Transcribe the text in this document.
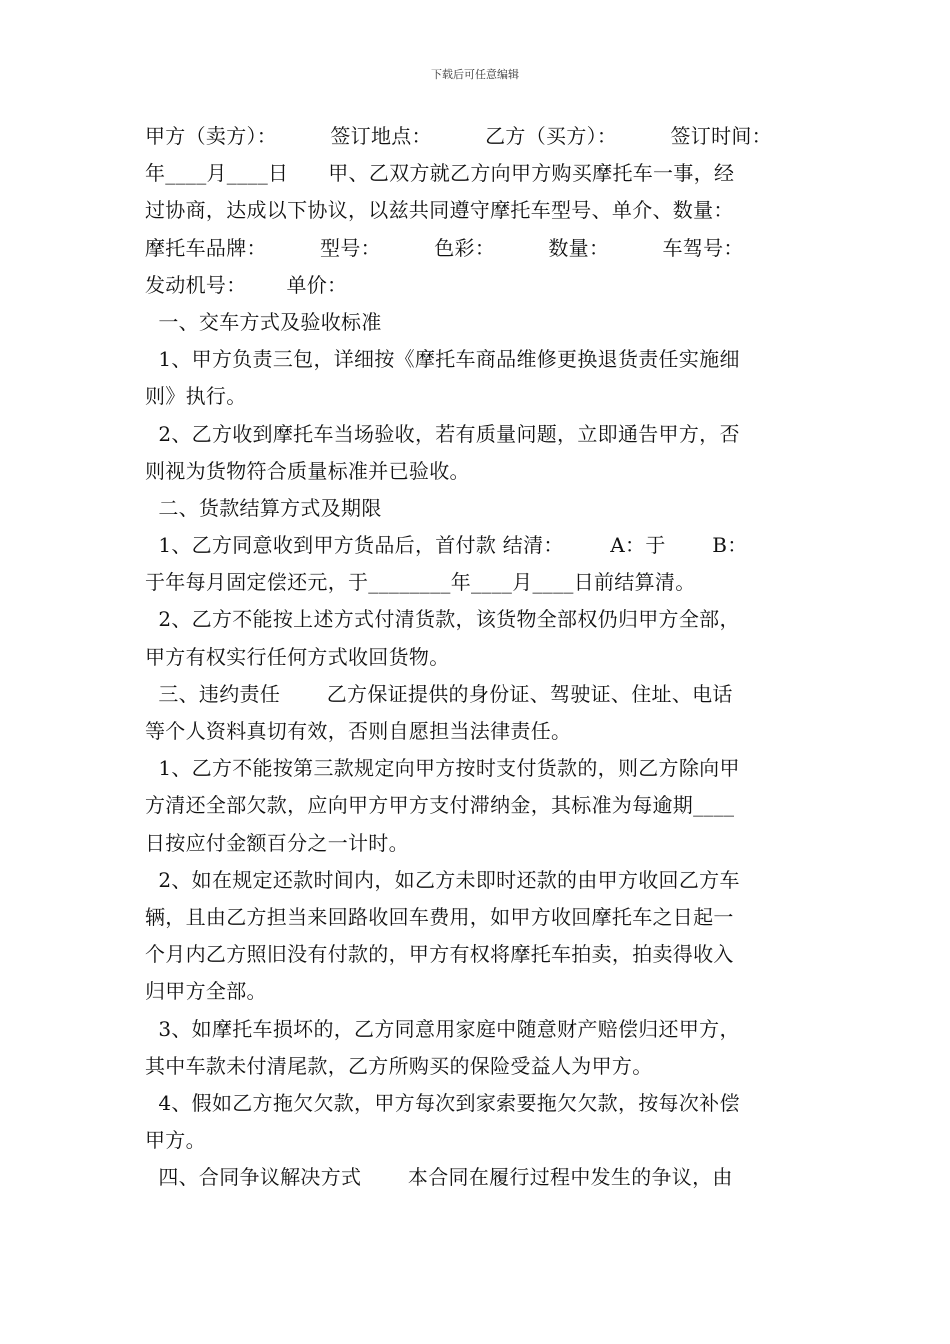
下载后可任意编辑
甲方（卖方）：        签订地点：        乙方（买方）：        签订时间：
年____月____日      甲、乙双方就乙方向甲方购买摩托车一事，经
过协商，达成以下协议，以兹共同遵守摩托车型号、单介、数量：
摩托车品牌：        型号：        色彩：        数量：        车驾号：
发动机号：      单价：
一、交车方式及验收标准
1、甲方负责三包，详细按《摩托车商品维修更换退货责任实施细
则》执行。
2、乙方收到摩托车当场验收，若有质量问题，立即通告甲方，否
则视为货物符合质量标准并已验收。
二、货款结算方式及期限
1、乙方同意收到甲方货品后，首付款 结清：       A：于       B：
于年每月固定偿还元，于________年____月____日前结算清。
2、乙方不能按上述方式付清货款，该货物全部权仍归甲方全部，
甲方有权实行任何方式收回货物。
三、违约责任       乙方保证提供的身份证、驾驶证、住址、电话
等个人资料真切有效，否则自愿担当法律责任。
1、乙方不能按第三款规定向甲方按时支付货款的，则乙方除向甲
方清还全部欠款，应向甲方甲方支付滞纳金，其标准为每逾期____
日按应付金额百分之一计时。
2、如在规定还款时间内，如乙方未即时还款的由甲方收回乙方车
辆，且由乙方担当来回路收回车费用，如甲方收回摩托车之日起一
个月内乙方照旧没有付款的，甲方有权将摩托车拍卖，拍卖得收入
归甲方全部。
3、如摩托车损坏的，乙方同意用家庭中随意财产赔偿归还甲方，
其中车款未付清尾款，乙方所购买的保险受益人为甲方。
4、假如乙方拖欠欠款，甲方每次到家索要拖欠欠款，按每次补偿
甲方。
四、合同争议解决方式       本合同在履行过程中发生的争议，由
